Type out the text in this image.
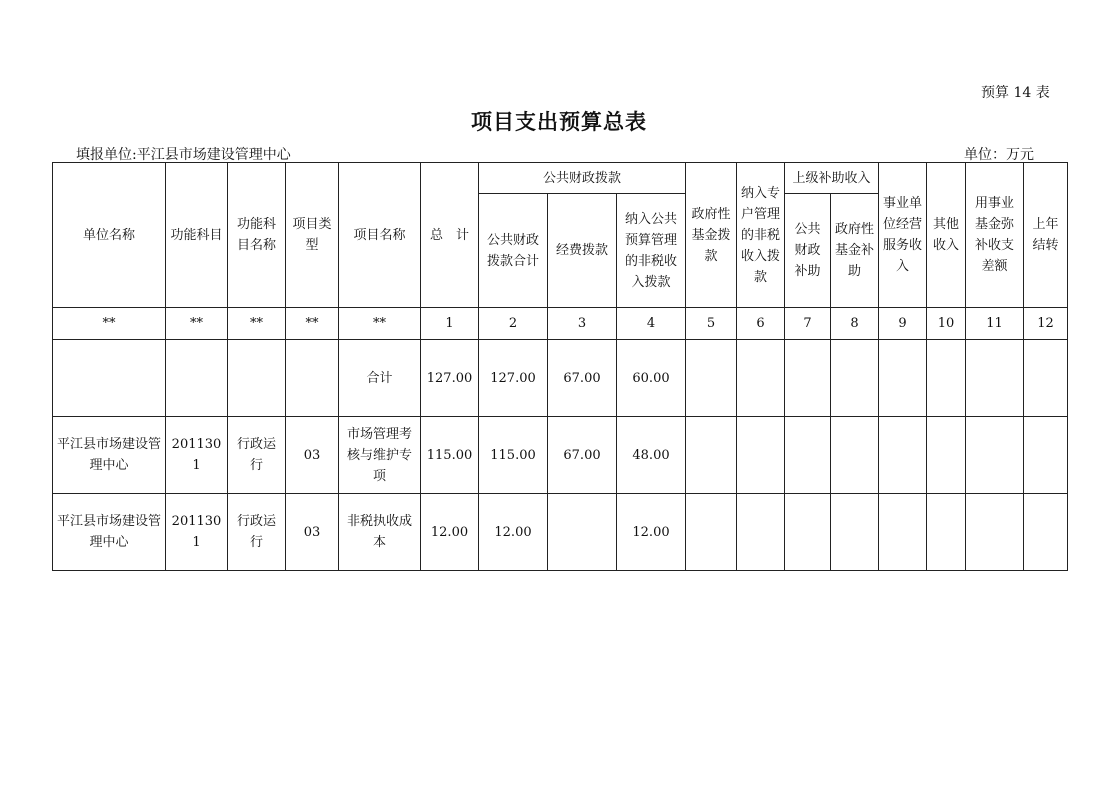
预算 14 表
项目支出预算总表
填报单位:平江县市场建设管理中心	单位：万元
单位名称	功能科目	功能科目名称	项目类型	项目名称	总　计	公共财政拨款			政府性基金拨款	纳入专户管理的非税收入拨款	上级补助收入		事业单位经营服务收入	其他收入	用事业基金弥补收支差额	上年结转
						公共财政拨款合计	经费拨款	纳入公共预算管理的非税收入拨款			公共财政补助	政府性基金补助				
**	**	**	**	**	1	2	3	4	5	6	7	8	9	10	11	12
				合计	127.00	127.00	67.00	60.00								
平江县市场建设管理中心	2011301	行政运行	03	市场管理考核与维护专项	115.00	115.00	67.00	48.00								
平江县市场建设管理中心	2011301	行政运行	03	非税执收成本	12.00	12.00		12.00								
